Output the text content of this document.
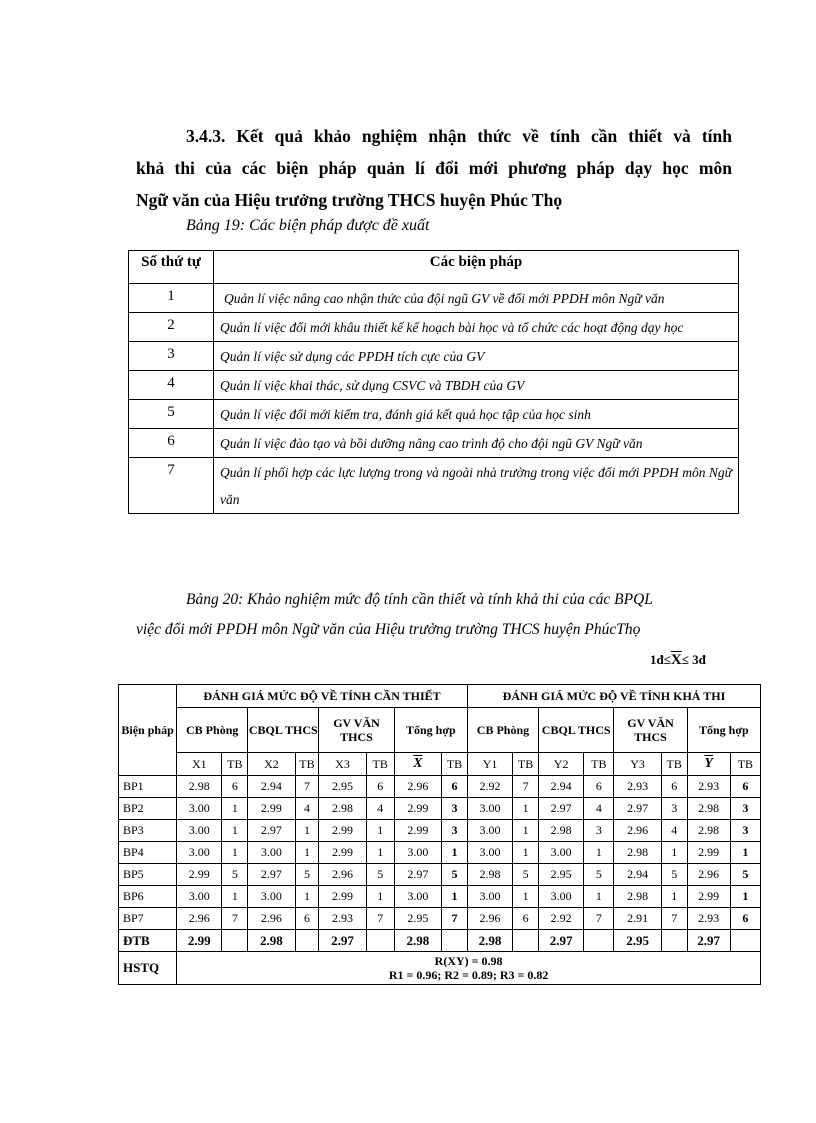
3.4.3. Kết quả khảo nghiệm nhận thức về tính cần thiết và tính
khả thi của các biện pháp quản lí đổi mới phương pháp dạy học môn
Ngữ văn của Hiệu trưởng trường THCS huyện Phúc Thọ
Bảng 19: Các biện pháp được đề xuất
Số thứ tự	Các biện pháp
1	Quản lí việc nâng cao nhận thức của đội ngũ GV về đổi mới PPDH môn Ngữ văn
2	Quản lí việc đổi mới khâu thiết kế kế hoạch bài học và tổ chức các hoạt động dạy học
3	Quản lí việc sử dụng các PPDH tích cực của GV
4	Quản lí việc khai thác, sử dụng CSVC và TBDH của GV
5	Quản lí việc đổi mới kiểm tra, đánh giá kết quả học tập của học sinh
6	Quản lí việc đào tạo và bồi dưỡng nâng cao trình độ cho đội ngũ GV Ngữ văn
7	Quản lí phối hợp các lực lượng trong và ngoài nhà trường trong việc đổi mới PPDH môn Ngữ văn
Bảng 20: Khảo nghiệm mức độ tính cần thiết và tính khả thi của các BPQL
việc đổi mới PPDH môn Ngữ văn của Hiệu trưởng trường THCS huyện PhúcThọ
$1đ\le\overline{X}\le$ 3đ
Biện pháp	ĐÁNH GIÁ MỨC ĐỘ VỀ TÍNH CẦN THIẾT								ĐÁNH GIÁ MỨC ĐỘ VỀ TÍNH KHẢ THI							
	CB Phòng		CBQL THCS		GV VĂN THCS		Tổng hợp		CB Phòng		CBQL THCS		GV VĂN THCS		Tổng hợp	
	X1	TB	X2	TB	X3	TB	$\overline{X}$	TB	Y1	TB	Y2	TB	Y3	TB	$\overline{Y}$	TB
BP1	2.98	6	2.94	7	2.95	6	2.96	6	2.92	7	2.94	6	2.93	6	2.93	6
BP2	3.00	1	2.99	4	2.98	4	2.99	3	3.00	1	2.97	4	2.97	3	2.98	3
BP3	3.00	1	2.97	1	2.99	1	2.99	3	3.00	1	2.98	3	2.96	4	2.98	3
BP4	3.00	1	3.00	1	2.99	1	3.00	1	3.00	1	3.00	1	2.98	1	2.99	1
BP5	2.99	5	2.97	5	2.96	5	2.97	5	2.98	5	2.95	5	2.94	5	2.96	5
BP6	3.00	1	3.00	1	2.99	1	3.00	1	3.00	1	3.00	1	2.98	1	2.99	1
BP7	2.96	7	2.96	6	2.93	7	2.95	7	2.96	6	2.92	7	2.91	7	2.93	6
ĐTB	2.99		2.98		2.97		2.98		2.98		2.97		2.95		2.97	
HSTQ	R(XY) = 0.98
R1 = 0.96; R2 = 0.89; R3 = 0.82															
